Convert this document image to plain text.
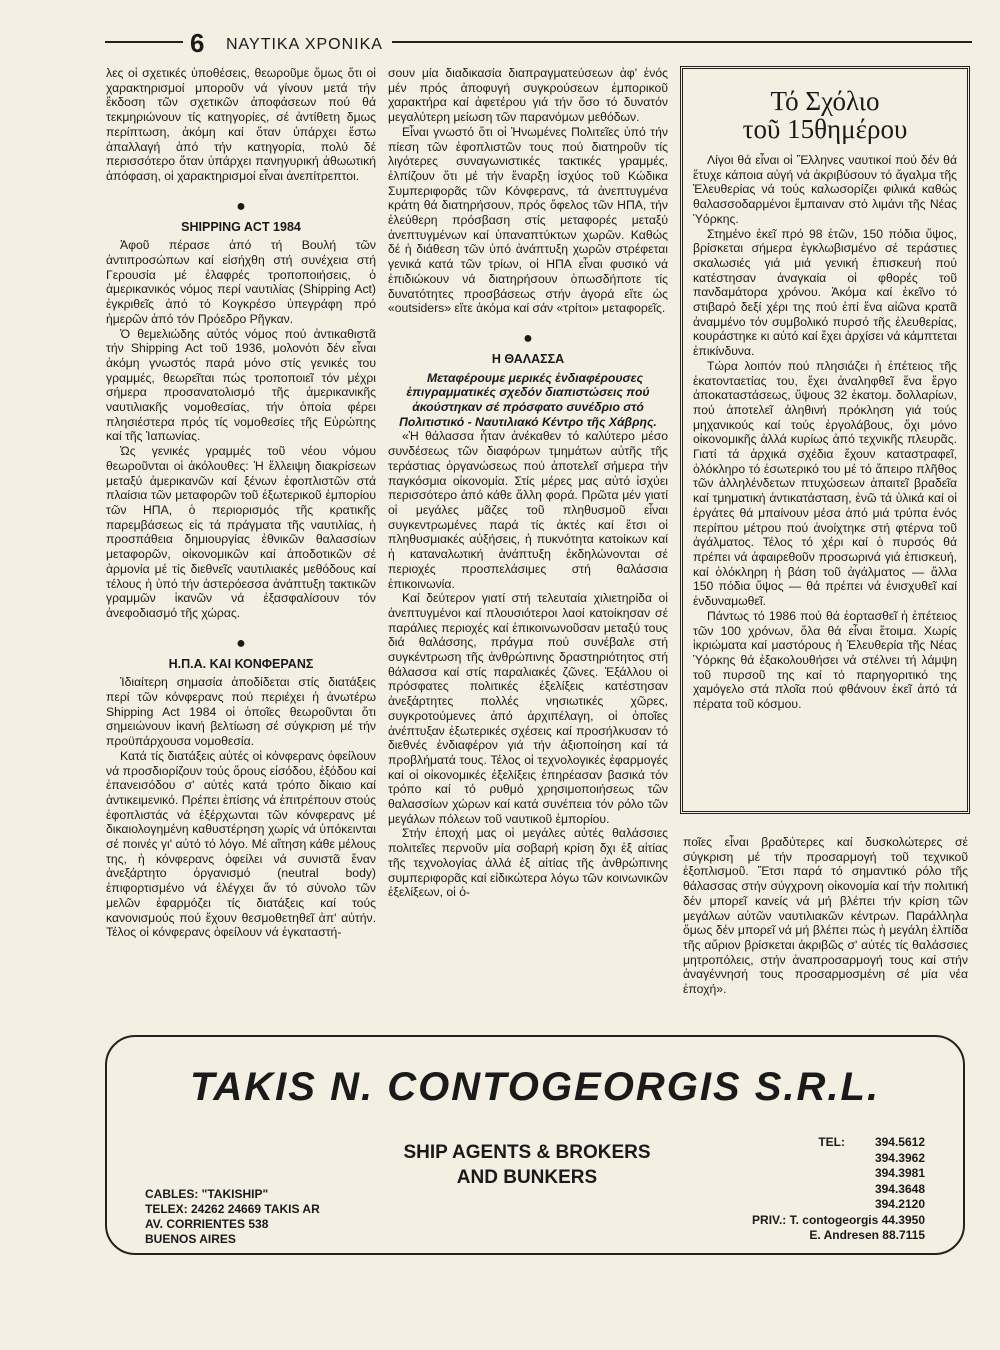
6 ΝΑΥΤΙΚΑ ΧΡΟΝΙΚΑ

λες οἱ σχετικές ὑποθέσεις, θεωροῦμε ὅμως ὅτι οἱ χαρακτηρισμοί μποροῦν νά γίνουν μετά τήν ἔκδοση τῶν σχετικῶν ἀποφάσεων πού θά τεκμηριώνουν τίς κατηγορίες, σέ ἀντίθετη δμως περίπτωση, ἀκόμη καί ὅταν ὑπάρχει ἔστω ἀπαλλαγή ἀπό τήν κατηγορία, πολύ δέ περισσότερο ὅταν ὑπάρχει πανηγυρική ἀθωωτική ἀπόφαση, οἱ χαρακτηρισμοί εἶναι ἀνεπίτρεπτοι.

●
SHIPPING ACT 1984

Ἀφοῦ πέρασε ἀπό τή Βουλή τῶν ἀντιπροσώπων καί εἰσήχθη στή συνέχεια στή Γερουσία μέ ἐλαφρές τροποποιήσεις, ὁ ἀμερικανικός νόμος περί ναυτιλίας (Shipping Act) ἐγκριθεῖς ἀπό τό Κογκρέσο ὑπεγράφη πρό ἡμερῶν ἀπό τόν Πρόεδρο Ρῆγκαν.

Ὁ θεμελιώδης αὐτός νόμος πού ἀντικαθιστᾶ τήν Shipping Act τοῦ 1936, μολονότι δέν εἶναι ἀκόμη γνωστός παρά μόνο στίς γενικές του γραμμές, θεωρεῖται πώς τροποποιεῖ τόν μέχρι σήμερα προσανατολισμό τῆς ἀμερικανικῆς ναυτιλιακῆς νομοθεσίας, τήν ὁποία φέρει πλησιέστερα πρός τίς νομοθεσίες τῆς Εὐρώπης καί τῆς Ἰαπωνίας.

Ὡς γενικές γραμμές τοῦ νέου νόμου θεωροῦνται οἱ ἀκόλουθες: Ἡ ἔλλειψη διακρίσεων μεταξύ ἀμερικανῶν καί ξένων ἐφοπλιστῶν στά πλαίσια τῶν μεταφορῶν τοῦ ἐξωτερικοῦ ἐμπορίου τῶν ΗΠΑ, ὁ περιορισμός τῆς κρατικῆς παρεμβάσεως εἰς τά πράγματα τῆς ναυτιλίας, ἡ προσπάθεια δημιουργίας ἐθνικῶν θαλασσίων μεταφορῶν, οἰκονομικῶν καί ἀποδοτικῶν σέ ἁρμονία μέ τίς διεθνεῖς ναυτιλιακές μεθόδους καί τέλους ἡ ὑπό τήν ἀστερόεσσα ἀνάπτυξη τακτικῶν γραμμῶν ἱκανῶν νά ἐξασφαλίσουν τόν ἀνεφοδιασμό τῆς χώρας.

●
Η.Π.Α. ΚΑΙ ΚΟΝΦΕΡΑΝΣ

Ἰδιαίτερη σημασία ἀποδίδεται στίς διατάξεις περί τῶν κόνφερανς πού περιέχει ἡ ἀνωτέρω Shipping Act 1984 οἱ ὁποῖες θεωροῦνται ὅτι σημειώνουν ἱκανή βελτίωση σέ σύγκριση μέ τήν προϋπάρχουσα νομοθεσία.

Κατά τίς διατάξεις αὐτές οἱ κόνφερανς ὀφείλουν νά προσδιορίζουν τούς ὅρους εἰσόδου, ἐξόδου καί ἐπανεισόδου σ' αὐτές κατά τρόπο δίκαιο καί ἀντικειμενικό. Πρέπει ἐπίσης νά ἐπιτρέπουν στούς ἐφοπλιστάς νά ἐξέρχωνται τῶν κόνφερανς μέ δικαιολογημένη καθυστέρηση χωρίς νά ὑπόκεινται σέ ποινές γι' αὐτό τό λόγο. Μέ αἴτηση κάθε μέλους της, ἡ κόνφερανς ὀφείλει νά συνιστᾶ ἕναν ἀνεξάρτητο ὀργανισμό (neutral body) ἐπιφορτισμένο νά ἐλέγχει ἄν τό σύνολο τῶν μελῶν ἐφαρμόζει τίς διατάξεις καί τούς κανονισμούς πού ἔχουν θεσμοθετηθεῖ ἀπ' αὐτήν. Τέλος οἱ κόνφερανς ὀφείλουν νά ἐγκαταστή-

σουν μία διαδικασία διαπραγματεύσεων ἀφ' ἑνός μέν πρός ἀποφυγή συγκρούσεων ἐμπορικοῦ χαρακτήρα καί ἀφετέρου γιά τήν ὅσο τό δυνατόν μεγαλύτερη μείωση τῶν παρανόμων μεθόδων.

Εἶναι γνωστό ὅτι οἱ Ἡνωμένες Πολιτεῖες ὑπό τήν πίεση τῶν ἐφοπλιστῶν τους πού διατηροῦν τίς λιγότερες συναγωνιστικές τακτικές γραμμές, ἐλπίζουν ὅτι μέ τήν ἔναρξη ἰσχύος τοῦ Κώδικα Συμπεριφορᾶς τῶν Κόνφερανς, τά ἀνεπτυγμένα κράτη θά διατηρήσουν, πρός ὄφελος τῶν ΗΠΑ, τήν ἐλεύθερη πρόσβαση στίς μεταφορές μεταξύ ἀνεπτυγμένων καί ὑπαναπτύκτων χωρῶν. Καθώς δέ ἡ διάθεση τῶν ὑπό ἀνάπτυξη χωρῶν στρέφεται γενικά κατά τῶν τρίων, οἱ ΗΠΑ εἶναι φυσικό νά ἐπιδιώκουν νά διατηρήσουν ὁπωσδήποτε τίς δυνατότητες προσβάσεως στήν ἀγορά εἴτε ὡς «outsiders» εἴτε ἀκόμα καί σάν «τρίτοι» μεταφορεῖς.

●
Η ΘΑΛΑΣΣΑ

Μεταφέρουμε μερικές ἐνδιαφέρουσες ἐπιγραμματικές σχεδόν διαπιστώσεις πού ἀκούστηκαν σέ πρόσφατο συνέδριο στό Πολιτιστικό - Ναυτιλιακό Κέντρο τῆς Χάβρης.

«Ἡ θάλασσα ἦταν ἀνέκαθεν τό καλύτερο μέσο συνδέσεως τῶν διαφόρων τμημάτων αὐτῆς τῆς τεράστιας ὀργανώσεως πού ἀποτελεῖ σήμερα τήν παγκόσμια οἰκονομία. Στίς μέρες μας αὐτό ἰσχύει περισσότερο ἀπό κάθε ἄλλη φορά. Πρῶτα μέν γιατί οἱ μεγάλες μᾶζες τοῦ πληθυσμοῦ εἶναι συγκεντρωμένες παρά τίς ἀκτές καί ἔτσι οἱ πληθυσμιακές αὐξήσεις, ἡ πυκνότητα κατοίκων καί ἡ καταναλωτική ἀνάπτυξη ἐκδηλώνονται σέ περιοχές προσπελάσιμες στή θαλάσσια ἐπικοινωνία.

Καί δεύτερον γιατί στή τελευταία χιλιετηρίδα οἱ ἀνεπτυγμένοι καί πλουσιότεροι λαοί κατοίκησαν σέ παράλιες περιοχές καί ἐπικοινωνοῦσαν μεταξύ τους διά θαλάσσης, πράγμα πού συνέβαλε στή συγκέντρωση τῆς ἀνθρώπινης δραστηριότητος στή θάλασσα καί στίς παραλιακές ζῶνες. Ἐξάλλου οἱ πρόσφατες πολιτικές ἐξελίξεις κατέστησαν ἀνεξάρτητες πολλές νησιωτικές χῶρες, συγκροτούμενες ἀπό ἀρχιπέλαγη, οἱ ὁποῖες ἀνέπτυξαν ἐξωτερικές σχέσεις καί προσήλκυσαν τό διεθνές ἐνδιαφέρον γιά τήν ἀξιοποίηση καί τά προβλήματά τους. Τέλος οἱ τεχνολογικές ἐφαρμογές καί οἱ οἰκονομικές ἐξελίξεις ἐπηρέασαν βασικά τόν τρόπο καί τό ρυθμό χρησιμοποιήσεως τῶν θαλασσίων χώρων καί κατά συνέπεια τόν ρόλο τῶν μεγάλων πόλεων τοῦ ναυτικοῦ ἐμπορίου.

Στήν ἐποχή μας οἱ μεγάλες αὐτές θαλάσσιες πολιτεῖες περνοῦν μία σοβαρή κρίση δχι ἐξ αἰτίας τῆς τεχνολογίας ἀλλά ἐξ αἰτίας τῆς ἀνθρώπινης συμπεριφορᾶς καί εἰδικώτερα λόγω τῶν κοινωνικῶν ἐξελίξεων, οἱ ὁ-

Τό Σχόλιο
τοῦ 15θημέρου

Λίγοι θά εἶναι οἱ Ἕλληνες ναυτικοί πού δέν θά ἔτυχε κάποια αὐγή νά ἀκριβύσουν τό ἄγαλμα τῆς Ἐλευθερίας νά τούς καλωσορίζει φιλικά καθώς θαλασσοδαρμένοι ἔμπαιναν στό λιμάνι τῆς Νέας Ὑόρκης.

Στημένο ἐκεῖ πρό 98 ἐτῶν, 150 πόδια ὕψος, βρίσκεται σήμερα ἐγκλωβισμένο σέ τεράστιες σκαλωσιές γιά μιά γενική ἐπισκευή πού κατέστησαν ἀναγκαία οἱ φθορές τοῦ πανδαμάτορα χρόνου. Ἀκόμα καί ἐκεῖνο τό στιβαρό δεξί χέρι της πού ἐπί ἕνα αἰῶνα κρατᾶ ἀναμμένο τόν συμβολικό πυρσό τῆς ἐλευθερίας, κουράστηκε κι αὐτό καί ἔχει ἀρχίσει νά κάμπτεται ἐπικίνδυνα.

Τώρα λοιπόν πού πλησιάζει ἡ ἐπέτειος τῆς ἑκατονταετίας του, ἔχει ἀναληφθεῖ ἕνα ἔργο ἀποκαταστάσεως, ὕψους 32 ἑκατομ. δολλαρίων, πού ἀποτελεῖ ἀληθινή πρόκληση γιά τούς μηχανικούς καί τούς ἐργολάβους, ὄχι μόνο οἰκονομικῆς ἀλλά κυρίως ἀπό τεχνικῆς πλευρᾶς. Γιατί τά ἀρχικά σχέδια ἔχουν καταστραφεῖ, ὁλόκληρο τό ἐσωτερικό του μέ τό ἄπειρο πλῆθος τῶν ἀλληλένδετων πτυχώσεων ἀπαιτεῖ βραδεῖα καί τμηματική ἀντικατάσταση, ἐνῶ τά ὑλικά καί οἱ ἐργάτες θά μπαίνουν μέσα ἀπό μιά τρύπα ἑνός περίπου μέτρου πού ἀνοίχτηκε στή φτέρνα τοῦ ἀγάλματος. Τέλος τό χέρι καί ὁ πυρσός θά πρέπει νά ἀφαιρεθοῦν προσωρινά γιά ἐπισκευή, καί ὁλόκληρη ἡ βάση τοῦ ἀγάλματος — ἄλλα 150 πόδια ὕψος — θά πρέπει νά ἐνισχυθεῖ καί ἐνδυναμωθεῖ.

Πάντως τό 1986 πού θά ἑορτασθεῖ ἡ ἐπέτειος τῶν 100 χρόνων, ὅλα θά εἶναι ἕτοιμα. Χωρίς ἱκριώματα καί μαστόρους ἡ Ἐλευθερία τῆς Νέας Ὑόρκης θά ἐξακολουθήσει νά στέλνει τή λάμψη τοῦ πυρσοῦ της καί τό παρηγοριτικό της χαμόγελο στά πλοῖα πού φθάνουν ἐκεῖ ἀπό τά πέρατα τοῦ κόσμου.

ποῖες εἶναι βραδύτερες καί δυσκολώτερες σέ σύγκριση μέ τήν προσαρμογή τοῦ τεχνικοῦ ἐξοπλισμοῦ. Ἔτσι παρά τό σημαντικό ρόλο τῆς θάλασσας στήν σύγχρονη οἰκονομία καί τήν πολιτική δέν μπορεῖ κανείς νά μή βλέπει τήν κρίση τῶν μεγάλων αὐτῶν ναυτιλιακῶν κέντρων. Παράλληλα ὅμως δέν μπορεῖ νά μή βλέπει πώς ἡ μεγάλη ἐλπίδα τῆς αὔριον βρίσκεται ἀκριβῶς σ' αὐτές τίς θαλάσσιες μητροπόλεις, στήν ἀναπροσαρμογή τους καί στήν ἀναγέννησή τους προσαρμοσμένη σέ μία νέα ἐποχή».

TAKIS N. CONTOGEORGIS S.R.L.
SHIP AGENTS & BROKERS
AND BUNKERS
CABLES: "TAKISHIP"
TELEX: 24262 24669 TAKIS AR
AV. CORRIENTES 538
BUENOS AIRES
TEL:	394.5612
394.3962
394.3981
394.3648
394.2120
PRIV.: T. contogeorgis 44.3950
E. Andresen 88.7115
